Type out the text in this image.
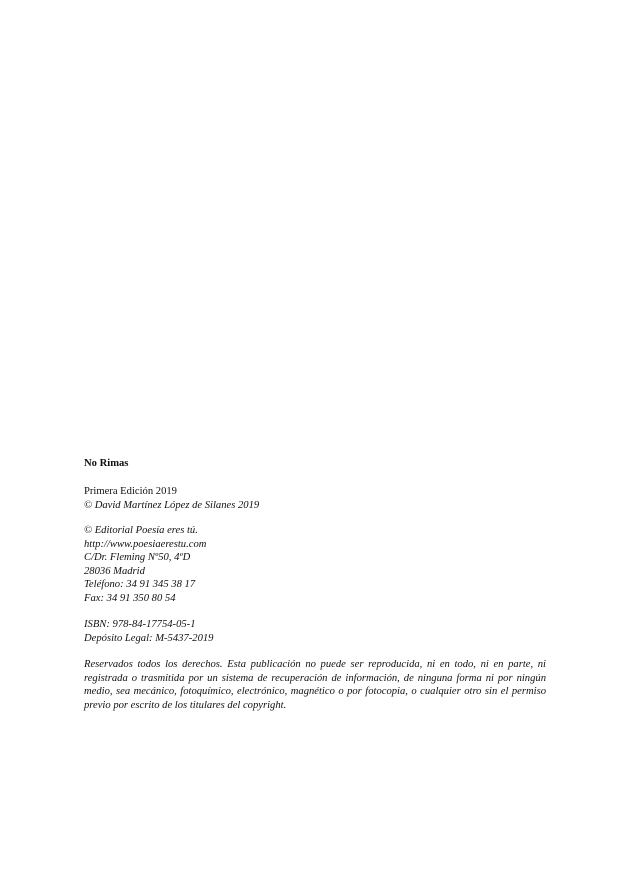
No Rimas

Primera Edición 2019
© David Martínez López de Silanes 2019
© Editorial Poesía eres tú.
http://www.poesiaerestu.com
C/Dr. Fleming Nº50, 4ºD
28036 Madrid
Teléfono: 34 91 345 38 17
Fax: 34 91 350 80 54
ISBN: 978-84-17754-05-1
Depósito Legal: M-5437-2019

Reservados todos los derechos. Esta publicación no puede ser reproducida, ni en todo, ni en parte, ni registrada o trasmitida por un sistema de recuperación de información, de ninguna forma ni por ningún medio, sea mecánico, fotoquímico, electrónico, magnético o por fotocopia, o cualquier otro sin el permiso previo por escrito de los titulares del copyright.
